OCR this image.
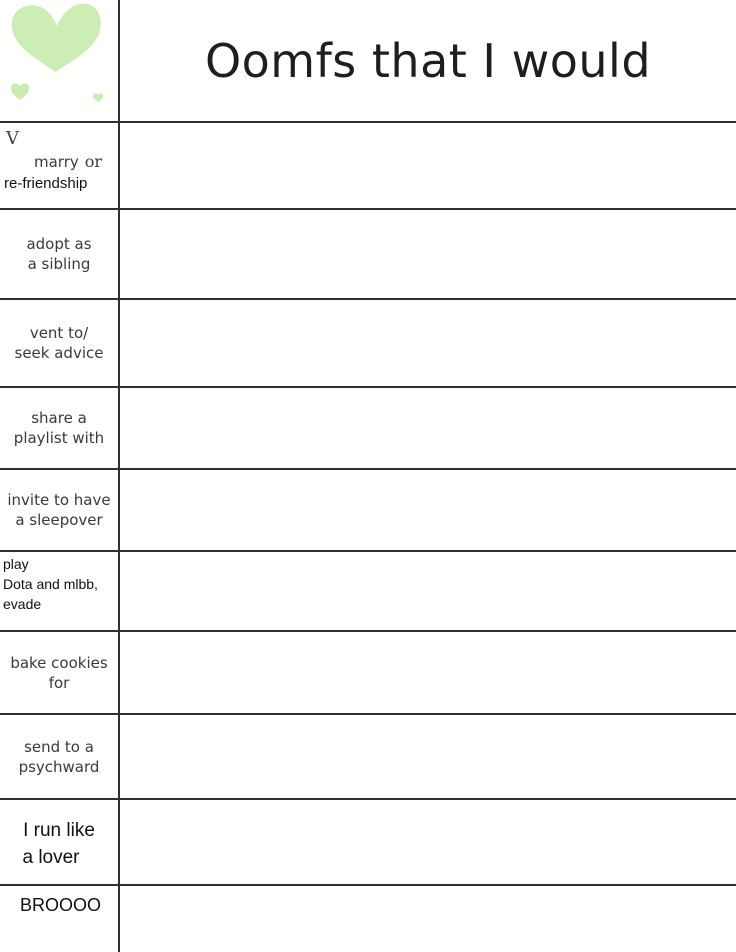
Oomfs that I would
V
marry or
re-friendship
adopt as
a sibling
vent to/
seek advice
share a
playlist with
invite to have
a sleepover
play
Dota and mlbb,
evade
bake cookies
for
send to a
psychward
I run like
a lover
BROOOO
